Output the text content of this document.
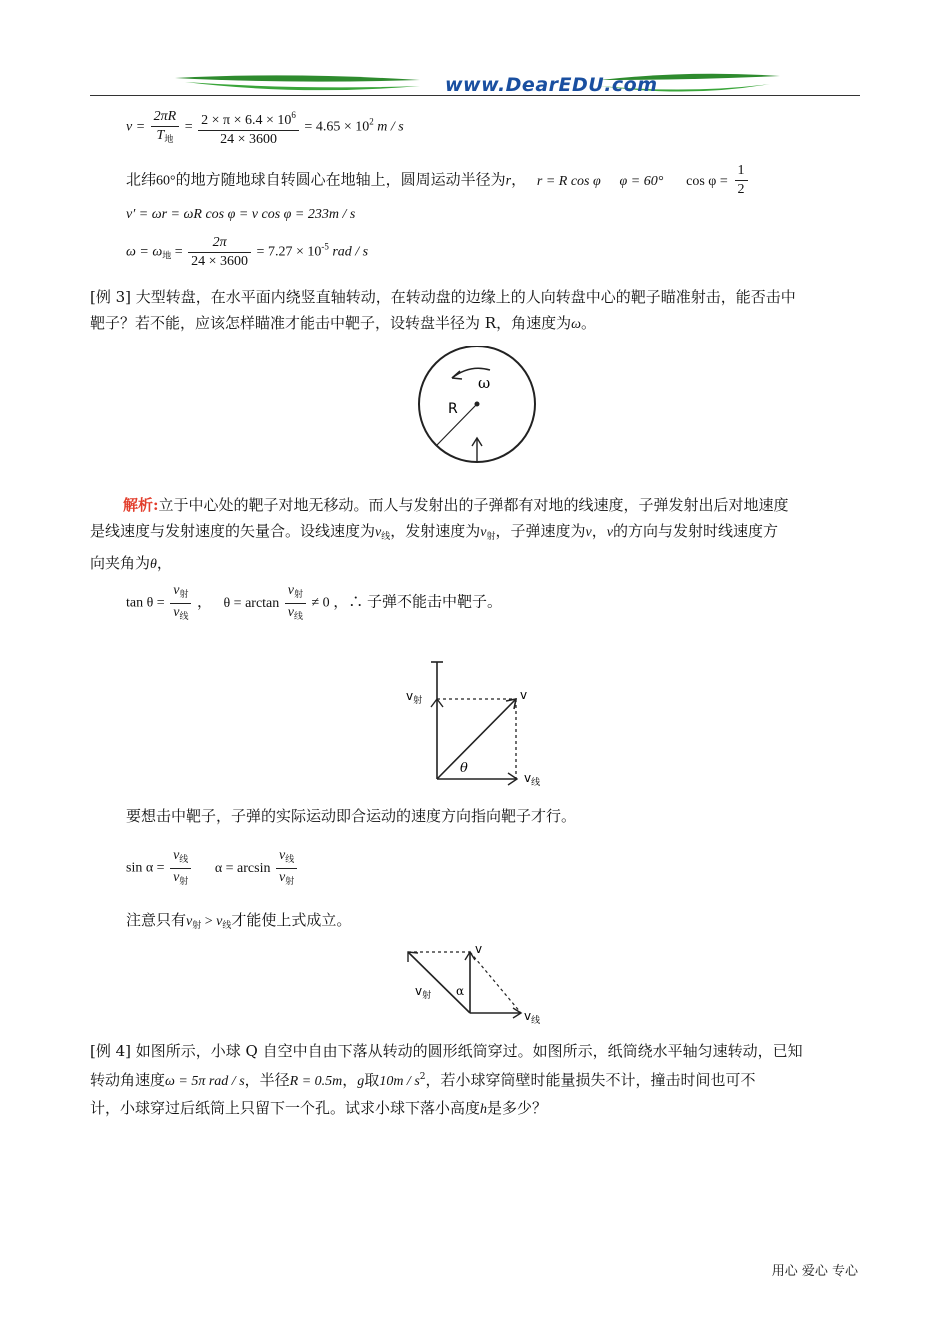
www.DearEDU.com
$v = \frac{2\pi R}{T_地} = \frac{2 \times \pi \times 6.4 \times 10^6}{24 \times 3600} = 4.65 \times 10^2$ m / s
北纬60°的地方随地球自转圆心在地轴上，圆周运动半径为r， r = R cos φ φ = 60° $\cos \varphi = \frac{1}{2}$
v′ = ωr = ωR cos φ = v cos φ = 233m / s
$\omega = \omega_地 = \frac{2\pi}{24 \times 3600} = 7.27 \times 10^{-5}$ rad / s
[例 3] 大型转盘，在水平面内绕竖直轴转动，在转动盘的边缘上的人向转盘中心的靶子瞄准射击，能否击中
靶子？若不能，应该怎样瞄准才能击中靶子，设转盘半径为 R，角速度为ω。
ω
R
解析:立于中心处的靶子对地无移动。而人与发射出的子弹都有对地的线速度，子弹发射出后对地速度
是线速度与发射速度的矢量合。设线速度为$v_线$，发射速度为$v_射$，子弹速度为v，v的方向与发射时线速度方
向夹角为θ，
$\tan \theta = \frac{v_射}{v_线}$ ， $\theta = \arctan \frac{v_射}{v_线} \ne 0$ ，∴ 子弹不能击中靶子。
$v_射$	v
θ
$v_线$
要想击中靶子，子弹的实际运动即合运动的速度方向指向靶子才行。
$\sin \alpha = \frac{v_线}{v_射}$ $\alpha = \arcsin \frac{v_线}{v_射}$
注意只有$v_射 > v_线$才能使上式成立。
v
$v_射$ α
$v_线$
[例 4] 如图所示，小球 Q 自空中自由下落从转动的圆形纸筒穿过。如图所示，纸筒绕水平轴匀速转动，已知
转动角速度ω = 5π rad / s，半径R = 0.5m，g取$10m / s^2$，若小球穿筒壁时能量损失不计，撞击时间也可不
计，小球穿过后纸筒上只留下一个孔。试求小球下落小高度h是多少？
用心 爱心 专心
